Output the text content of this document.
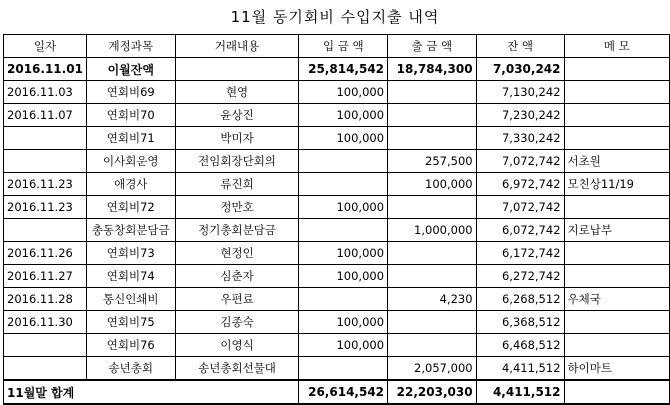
11월 동기회비 수입지출 내역
일자	계정과목	거래내용	입 금 액	출 금 액	잔 액	메 모
2016.11.01	이월잔액		25,814,542	18,784,300	7,030,242	
2016.11.03	연회비69	현영	100,000		7,130,242	
2016.11.07	연회비70	윤상진	100,000		7,230,242	
	연회비71	박미자	100,000		7,330,242	
	이사회운영	전임회장단회의		257,500	7,072,742	서초원
2016.11.23	애경사	류진희		100,000	6,972,742	모친상11/19
2016.11.23	연회비72	정만호	100,000		7,072,742	
	총동창회분담금	정기총회분담금		1,000,000	6,072,742	지로납부
2016.11.26	연회비73	현정인	100,000		6,172,742	
2016.11.27	연회비74	심춘자	100,000		6,272,742	
2016.11.28	통신인쇄비	우편료		4,230	6,268,512	우체국
2016.11.30	연회비75	김종숙	100,000		6,368,512	
	연회비76	이영식	100,000		6,468,512	
	송년총회	송년총회선물대		2,057,000	4,411,512	하이마트
11월말 합계			26,614,542	22,203,030	4,411,512	
